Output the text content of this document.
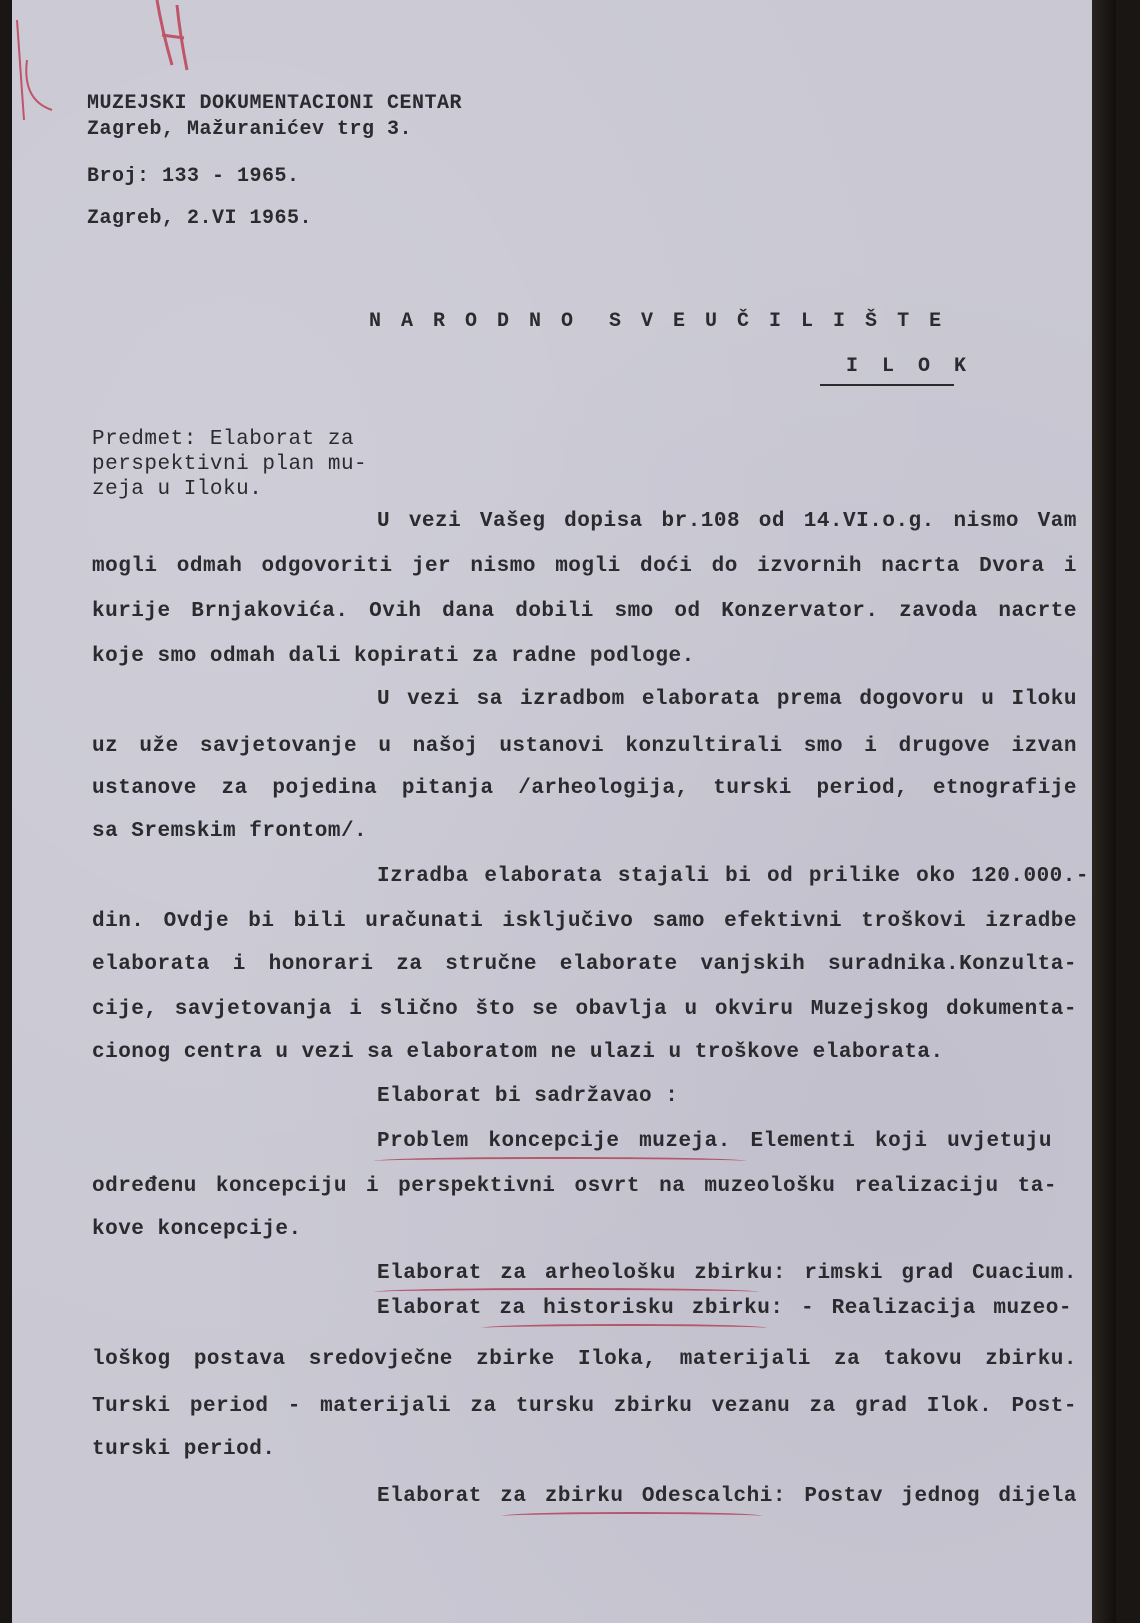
MUZEJSKI DOKUMENTACIONI CENTAR
Zagreb, Mažuranićev trg 3.
Broj: 133 - 1965.
Zagreb, 2.VI 1965.
N A R O D N O  S V E U Č I L I Š T E
I L O K
Predmet: Elaborat za
perspektivni plan mu-
zeja u Iloku.
U vezi Vašeg dopisa br.108 od 14.VI.o.g. nismo Vam
mogli odmah odgovoriti jer nismo mogli doći do izvornih nacrta Dvora i
kurije Brnjakovića. Ovih dana dobili smo od Konzervator. zavoda nacrte
koje smo odmah dali kopirati za radne podloge.
U vezi sa izradbom elaborata prema dogovoru u Iloku
uz uže savjetovanje u našoj ustanovi konzultirali smo i drugove izvan
ustanove za pojedina pitanja /arheologija, turski period, etnografije
sa Sremskim frontom/.
Izradba elaborata stajali bi od prilike oko 120.000.-
din. Ovdje bi bili uračunati isključivo samo efektivni troškovi izradbe
elaborata i honorari za stručne elaborate vanjskih suradnika.Konzulta-
cije, savjetovanja i slično što se obavlja u okviru Muzejskog dokumenta-
cionog centra u vezi sa elaboratom ne ulazi u troškove elaborata.
Elaborat bi sadržavao :
Problem koncepcije muzeja. Elementi koji uvjetuju
određenu koncepciju i perspektivni osvrt na muzeološku realizaciju ta-
kove koncepcije.
Elaborat za arheološku zbirku: rimski grad Cuacium.
Elaborat za historisku zbirku: - Realizacija muzeo-
loškog postava sredovječne zbirke Iloka, materijali za takovu zbirku.
Turski period - materijali za tursku zbirku vezanu za grad Ilok. Post-
turski period.
Elaborat za zbirku Odescalchi: Postav jednog dijela
